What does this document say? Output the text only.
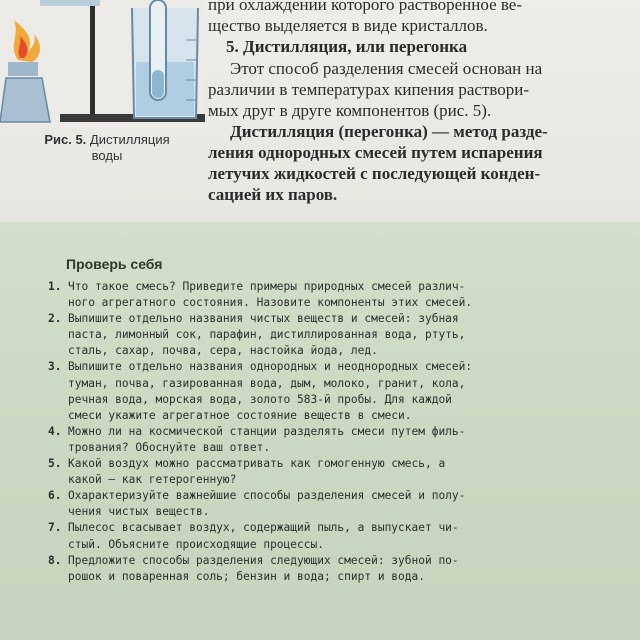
Рис. 5. Дистилляция
воды
при охлаждении которого растворенное ве-
щество выделяется в виде кристаллов.
5. Дистилляция, или перегонка
Этот способ разделения смесей основан на
различии в температурах кипения раствори-
мых друг в друге компонентов (рис. 5).
Дистилляция (перегонка) — метод разде-
ления однородных смесей путем испарения
летучих жидкостей с последующей конден-
сацией их паров.
Проверь себя
1. Что такое смесь? Приведите примеры природных смесей различ-
ного агрегатного состояния. Назовите компоненты этих смесей.
2. Выпишите отдельно названия чистых веществ и смесей: зубная
паста, лимонный сок, парафин, дистиллированная вода, ртуть,
сталь, сахар, почва, сера, настойка йода, лед.
3. Выпишите отдельно названия однородных и неоднородных смесей:
туман, почва, газированная вода, дым, молоко, гранит, кола,
речная вода, морская вода, золото 583-й пробы. Для каждой
смеси укажите агрегатное состояние веществ в смеси.
4. Можно ли на космической станции разделять смеси путем филь-
трования? Обоснуйте ваш ответ.
5. Какой воздух можно рассматривать как гомогенную смесь, а
какой — как гетерогенную?
6. Охарактеризуйте важнейшие способы разделения смесей и полу-
чения чистых веществ.
7. Пылесос всасывает воздух, содержащий пыль, а выпускает чи-
стый. Объясните происходящие процессы.
8. Предложите способы разделения следующих смесей: зубной по-
рошок и поваренная соль; бензин и вода; спирт и вода.
